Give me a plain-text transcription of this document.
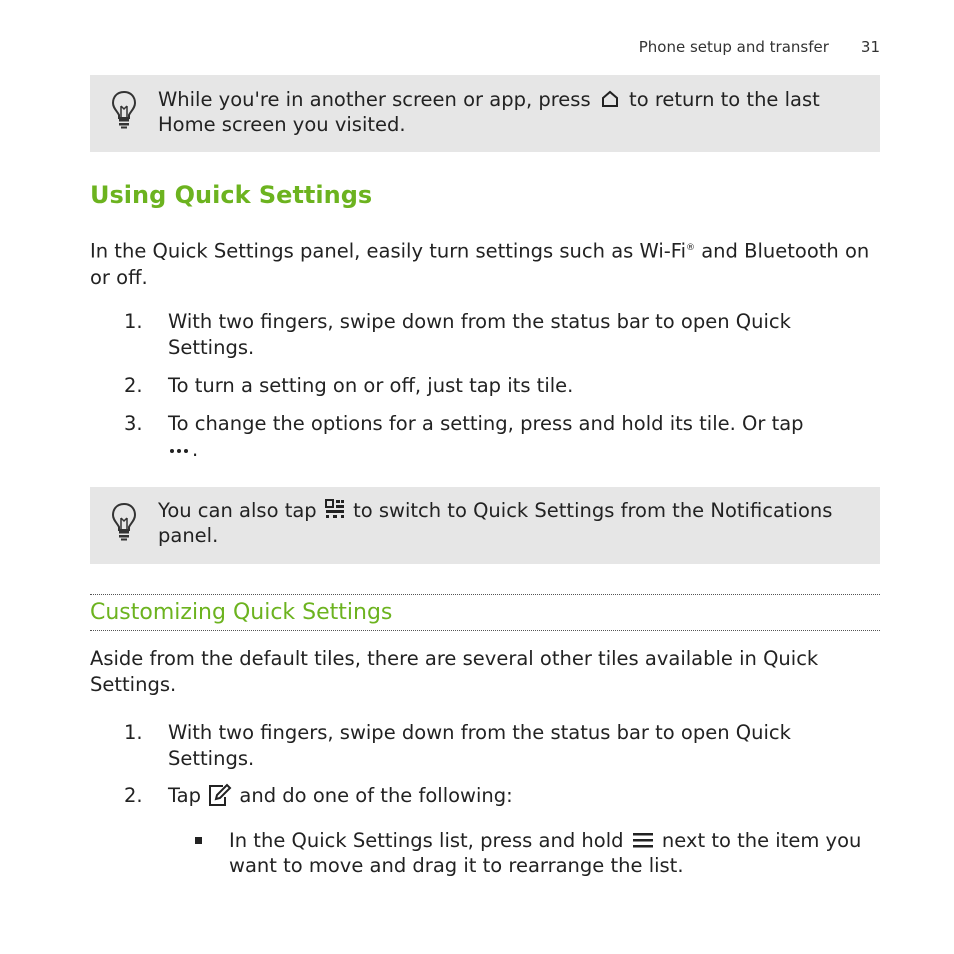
Phone setup and transfer 31
While you're in another screen or app, press to return to the last Home screen you visited.
Using Quick Settings
In the Quick Settings panel, easily turn settings such as Wi-Fi® and Bluetooth on or off.
1.	With two fingers, swipe down from the status bar to open Quick Settings.
2.	To turn a setting on or off, just tap its tile.
3.	To change the options for a setting, press and hold its tile. Or tap
.
You can also tap to switch to Quick Settings from the Notifications panel.
Customizing Quick Settings
Aside from the default tiles, there are several other tiles available in Quick Settings.
1.	With two fingers, swipe down from the status bar to open Quick Settings.
2.	Tap and do one of the following:
In the Quick Settings list, press and hold next to the item you want to move and drag it to rearrange the list.
